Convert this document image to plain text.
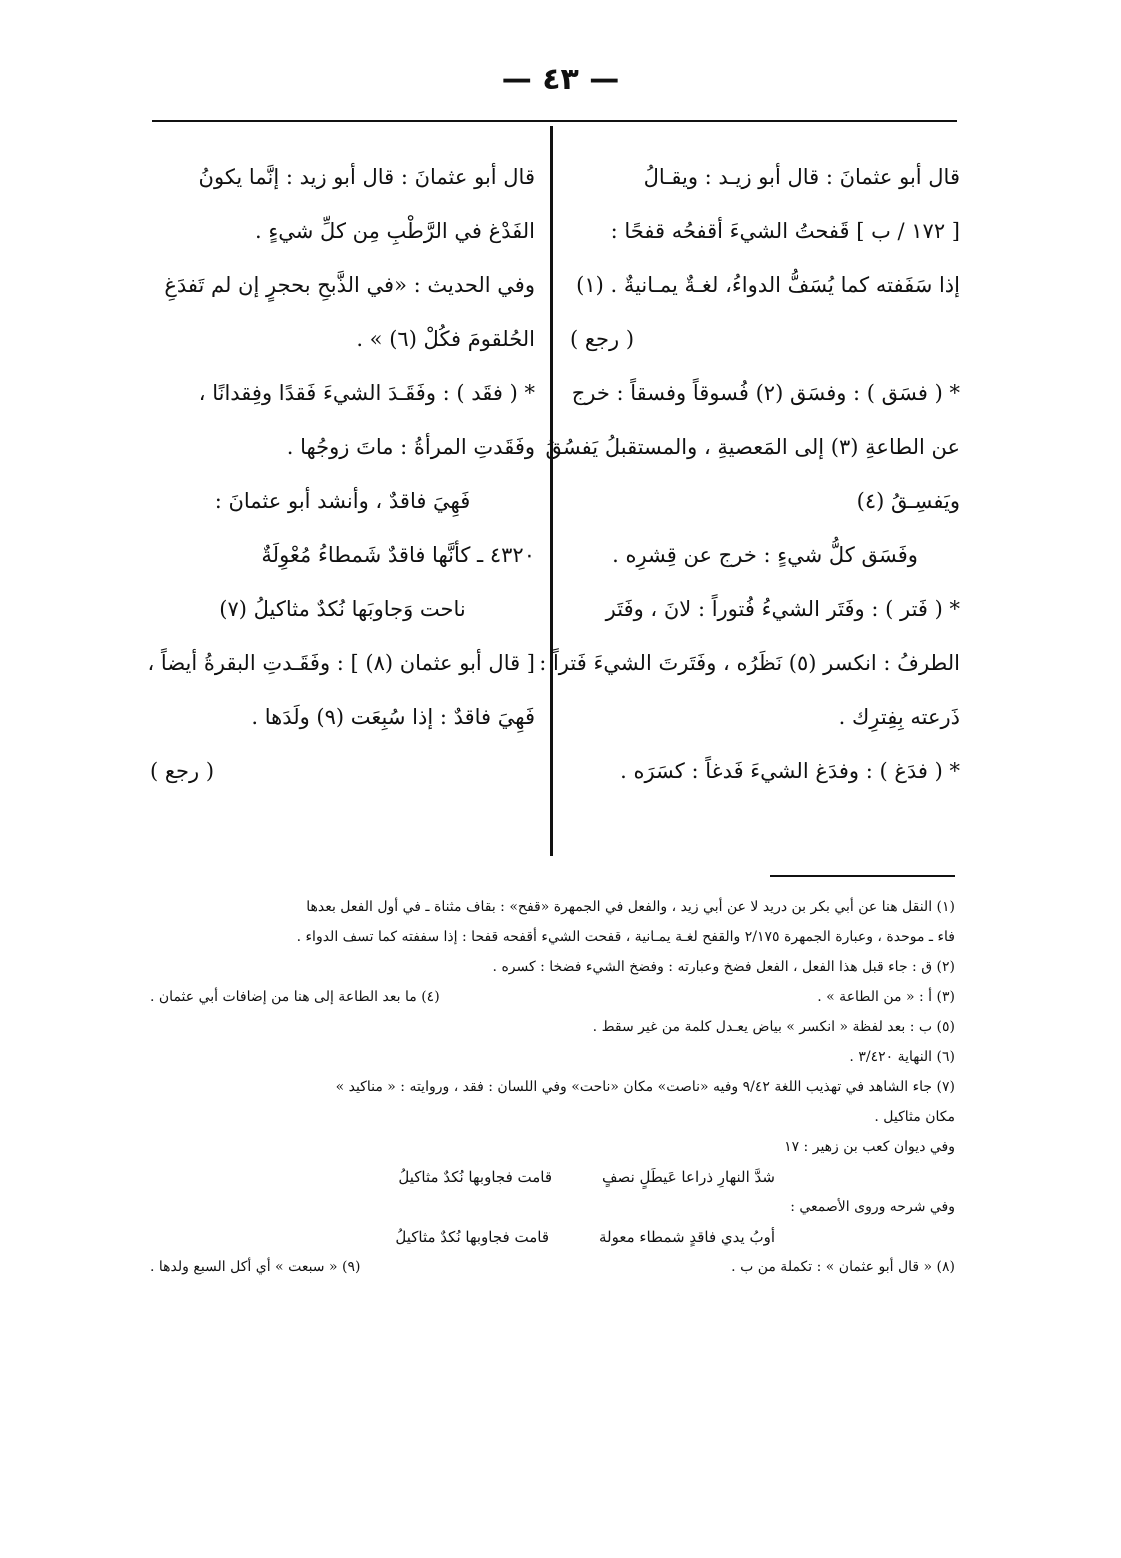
— ٤٣ —
قال أبو عثمانَ : قال أبو زيـد : ويقـالُ
[ ١٧٢ / ب ] قَفحتُ الشيءَ أقفحُه قفحًا :
إذا سَفَفته كما يُسَفُّ الدواءُ، لغـةٌ يمـانيةٌ . (١)
( رجع )
* ( فسَق ) : وفسَق (٢) فُسوقاً وفسقاً : خرج
عن الطاعةِ (٣) إلى المَعصيةِ ، والمستقبلُ يَفسُقُ
ويَفسِـقُ (٤)
وفَسَق كلُّ شيءٍ : خرج عن قِشرِه .
* ( فَتر ) : وفَتَر الشيءُ فُتوراً : لانَ ، وفَتَر
الطرفُ : انكسر (٥) نَظَرُه ، وفَتَرتَ الشيءَ فَتراً :
ذَرعته بِفِترِك .
* ( فدَغ ) : وفدَغ الشيءَ فَدغاً : كسَرَه .
قال أبو عثمانَ : قال أبو زيد : إنَّما يكونُ
الفَدْغ في الرَّطْبِ مِن كلِّ شيءٍ .
وفي الحديث : «في الذَّبحِ بحجرٍ إن لم تَفدَغِ
الحُلقومَ فكُلْ (٦) » .
* ( فقَد ) : وفَقَـدَ الشيءَ فَقدًا وفِقدانًا ،
وفَقَدتِ المرأةُ : ماتَ زوجُها .
فَهِيَ فاقدٌ ، وأنشد أبو عثمانَ :
٤٣٢٠ ـ كأنَّها فاقدٌ شَمطاءُ مُعْوِلَةٌ
ناحت وَجاوبَها نُكدٌ مثاكيلُ (٧)
[ قال أبو عثمان (٨) ] : وفَقَـدتِ البقرةُ أيضاً ،
فَهِيَ فاقدٌ : إذا سُبِعَت (٩) ولَدَها .
( رجع )
(١) النقل هنا عن أبي بكر بن دريد لا عن أبي زيد ، والفعل في الجمهرة «قفح» : بقاف مثناة ـ في أول الفعل بعدها
فاء ـ موحدة ، وعبارة الجمهرة ٢/١٧٥ والقفح لغـة يمـانية ، قفحت الشيء أقفحه قفحا : إذا سففته كما تسف الدواء .
(٢) ق : جاء قبل هذا الفعل ، الفعل فضخ وعبارته : وفضخ الشيء فضخا : كسره .
(٣) أ : « من الطاعة » .
(٤) ما بعد الطاعة إلى هنا من إضافات أبي عثمان .
(٥) ب : بعد لفظة « انكسر » بياض يعـدل كلمة من غير سقط .
(٦) النهاية ٣/٤٢٠ .
(٧) جاء الشاهد في تهذيب اللغة ٩/٤٢ وفيه «ناصت» مكان «ناحت» وفي اللسان : فقد ، وروايته : « مناكيد »
مكان مثاكيل .
وفي ديوان كعب بن زهير : ١٧
شدَّ النهارِ ذراعا عَيطَلٍ نصفٍ
قامت فجاوبها نُكدٌ مثاكيلُ
وفي شرحه وروى الأصمعي :
أوبُ يدي فاقدٍ شمطاء معولة
قامت فجاوبها نُكدٌ مثاكيلُ
(٨) « قال أبو عثمان » : تكملة من ب .
(٩) « سبعت » أي أكل السبع ولدها .
